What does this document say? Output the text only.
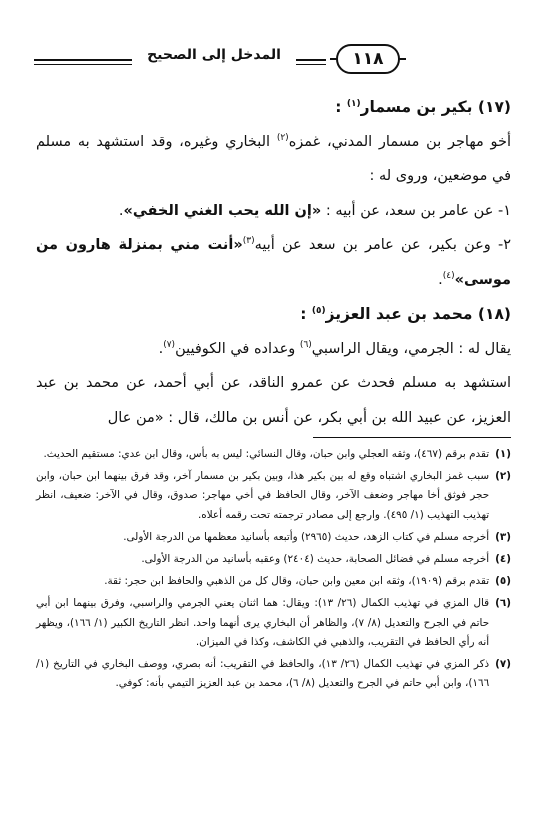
المدخل إلى الصحيح	١١٨

(١٧) بكير بن مسمار$^{(١)}$ :

أخو مهاجر بن مسمار المدني، غمزه$^{(٢)}$ البخاري وغيره، وقد استشهد به مسلم في موضعين، وروى له :

١- عن عامر بن سعد، عن أبيه : «إن الله يحب الغني الخفي».

٢- وعن بكير، عن عامر بن سعد عن أبيه$^{(٣)}$«أنت مني بمنزلة هارون من موسى»$^{(٤)}$.

(١٨) محمد بن عبد العزيز$^{(٥)}$ :

يقال له : الجرمي، ويقال الراسبي$^{(٦)}$ وعداده في الكوفيين$^{(٧)}$.

استشهد به مسلم فحدث عن عمرو الناقد، عن أبي أحمد، عن محمد بن عبد العزيز، عن عبيد الله بن أبي بكر، عن أنس بن مالك، قال : «من عال

(١)
تقدم برقم (٤٦٧)، وثقه العجلي وابن حبان، وقال النسائي: ليس به بأس، وقال ابن عدي: مستقيم الحديث.
(٢)
سبب غمز البخاري اشتباه وقع له بين بكير هذا، وبين بكير بن مسمار آخر، وقد فرق بينهما ابن حبان، وابن حجر فوثق أخا مهاجر وضعف الآخر، وقال الحافظ في أخي مهاجر: صدوق، وقال في الآخر: ضعيف، انظر تهذيب التهذيب (١/ ٤٩٥). وارجع إلى مصادر ترجمته تحت رقمه أعلاه.
(٣)
أخرجه مسلم في كتاب الزهد، حديث (٢٩٦٥) وأتبعه بأسانيد معظمها من الدرجة الأولى.
(٤)
أخرجه مسلم في فضائل الصحابة، حديث (٢٤٠٤) وعقبه بأسانيد من الدرجة الأولى.
(٥)
تقدم برقم (١٩٠٩)، وثقه ابن معين وابن حبان، وقال كل من الذهبي والحافظ ابن حجر: ثقة.
(٦)
قال المزي في تهذيب الكمال (٢٦/ ١٣): ويقال: هما اثنان يعني الجرمي والراسبي، وفرق بينهما ابن أبي حاتم في الجرح والتعديل (٨/ ٧)، والظاهر أن البخاري يرى أنهما واحد. انظر التاريخ الكبير (١/ ١٦٦)، ويظهر أنه رأي الحافظ في التقريب، والذهبي في الكاشف، وكذا في الميزان.
(٧)
ذكر المزي في تهذيب الكمال (٢٦/ ١٣)، والحافظ في التقريب: أنه بصري، ووصف البخاري في التاريخ (١/ ١٦٦)، وابن أبي حاتم في الجرح والتعديل (٨/ ٦)، محمد بن عبد العزيز التيمي بأنه: كوفي.
